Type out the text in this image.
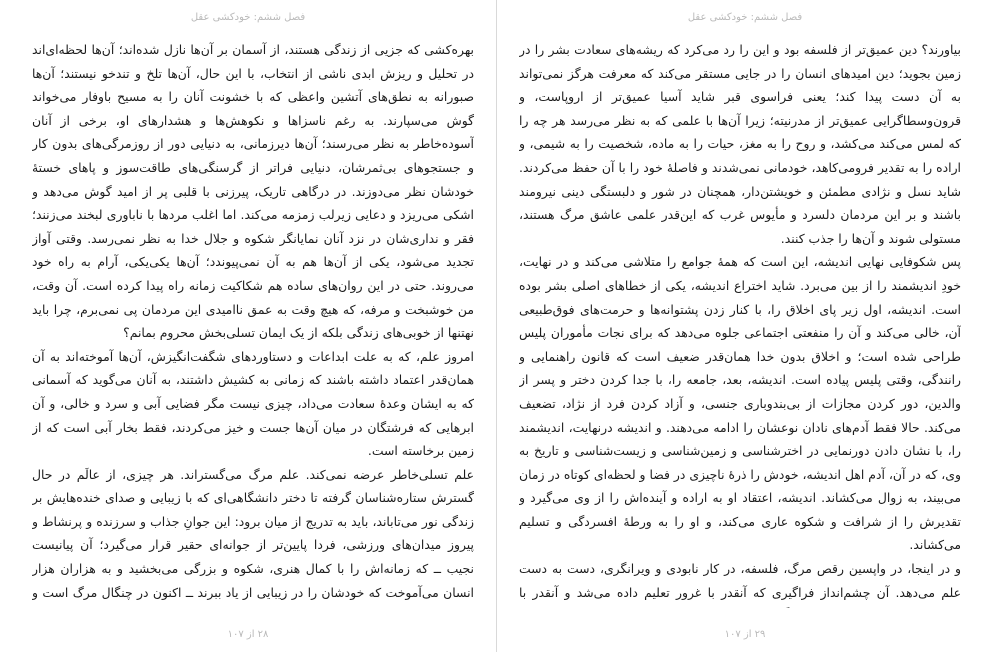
فصل ششم: خودکشی عقل

بهره‌کشی که جزیی از زندگی هستند، از آسمان بر آن‌ها نازل شده‌اند؛ آن‌ها لحظه‌ای‌اند در تحلیل و ریزش ابدی ناشی از انتخاب، با این حال، آن‌ها تلخ و تندخو نیستند؛ آن‌ها صبورانه به نطق‌های آتشین واعظی که با خشونت آنان را به مسیح باوفار می‌خواند گوش می‌سپارند. به رغم ناسزاها و نکوهش‌ها و هشدارهای او، برخی از آنان آسوده‌خاطر به نظر می‌رسند؛ آن‌ها دیرزمانی، به دنیایی دور از روزمرگی‌های بدون کار و جستجوهای بی‌ثمرشان، دنیایی فراتر از گرسنگی‌های طاقت‌سوز و پاهای خستهٔ خودشان نظر می‌دوزند. در درگاهی تاریک، پیرزنی با قلبی پر از امید گوش می‌دهد و اشکی می‌ریزد و دعایی زیرلب زمزمه می‌کند. اما اغلب مردها با ناباوری لبخند می‌زنند؛ فقر و نداری‌شان در نزد آنان نمایانگر شکوه و جلال خدا به نظر نمی‌رسد. وقتی آواز تجدید می‌شود، یکی از آن‌ها هم به آن نمی‌پیوندد؛ آن‌ها یکی‌یکی، آرام به راه خود می‌روند. حتی در این روان‌های ساده هم شکاکیت زمانه راه پیدا کرده است. آن وقت، من خوشبخت و مرفه، که هیچ وقت به عمق ناامیدی این مردمان پی نمی‌برم، چرا باید نهتنها از خوبی‌های زندگی بلکه از یک ایمان تسلی‌بخش محروم بمانم؟

امروز علم، که به علت ابداعات و دستاوردهای شگفت‌انگیزش، آن‌ها آموخته‌اند به آن همان‌قدر اعتماد داشته باشند که زمانی به کشیش داشتند، به آنان می‌گوید که آسمانی که به ایشان وعدهٔ سعادت می‌داد، چیزی نیست مگر فضایی آبی و سرد و خالی، و آن ابرهایی که فرشتگان در میان آن‌ها جست و خیز می‌کردند، فقط بخار آبی است که از زمین برخاسته است.

علم تسلی‌خاطر عرضه نمی‌کند. علم مرگ می‌گستراند. هر چیزی، از عالَم در حال گسترش ستاره‌شناسان گرفته تا دختر دانشگاهی‌ای که با زیبایی و صدای خنده‌هایش بر زندگی نور می‌تاباند، باید به تدریج از میان برود: این جوانِ جذاب و سرزنده و پرنشاط و پیروز میدان‌های ورزشی، فردا پایین‌تر از جوانه‌ای حقیر قرار می‌گیرد؛ آن پیانیست نجیب ــ که زمانه‌اش را با کمال هنری، شکوه و بزرگی می‌بخشید و به هزاران هزار انسان می‌آموخت که خودشان را در زیبایی از یاد ببرند ــ اکنون در چنگال مرگ است و

۲۸ از ۱۰۷
فصل ششم: خودکشی عقل

بیاورند؟ دین عمیق‌تر از فلسفه بود و این را رد می‌کرد که ریشه‌های سعادت بشر را در زمین بجوید؛ دین امیدهای انسان را در جایی مستقر می‌کند که معرفت هرگز نمی‌تواند به آن دست پیدا کند؛ یعنی فراسوی قبر شاید آسیا عمیق‌تر از اروپاست، و قرون‌وسطاگرایی عمیق‌تر از مدرنیته؛ زیرا آن‌ها با علمی که به نظر می‌رسد هر چه را که لمس می‌کند می‌کشد، و روح را به مغز، حیات را به ماده، شخصیت را به شیمی، و اراده را به تقدیر فرومی‌کاهد، خودمانی نمی‌شدند و فاصلهٔ خود را با آن حفظ می‌کردند. شاید نسل و نژادی مطمئن و خویشتن‌دار، همچنان در شور و دلبستگی دینی نیرومند باشند و بر این مردمان دلسرد و مأیوس غرب که این‌قدر علمی عاشق مرگ هستند، مستولی شوند و آن‌ها را جذب کنند.

پس شکوفایی نهایی اندیشه، این است که همهٔ جوامع را متلاشی می‌کند و در نهایت، خودِ اندیشمند را از بین می‌برد. شاید اختراع اندیشه، یکی از خطاهای اصلی بشر بوده است. اندیشه، اول زیر پای اخلاق را، با کنار زدن پشتوانه‌ها و حرمت‌های فوق‌طبیعی آن، خالی می‌کند و آن را منفعتی اجتماعی جلوه می‌دهد که برای نجات مأموران پلیس طراحی شده است؛ و اخلاق بدون خدا همان‌قدر ضعیف است که قانون راهنمایی و رانندگی، وقتی پلیس پیاده است. اندیشه، بعد، جامعه را، با جدا کردن دختر و پسر از والدین، دور کردن مجازات از بی‌بندوباری جنسی، و آزاد کردن فرد از نژاد، تضعیف می‌کند. حالا فقط آدم‌های نادان نوعشان را ادامه می‌دهند. و اندیشه درنهایت، اندیشمند را، با نشان دادن دورنمایی در اخترشناسی و زمین‌شناسی و زیست‌شناسی و تاریخ به وی، که در آن، آدم اهل اندیشه، خودش را ذرهٔ ناچیزی در فضا و لحظه‌ای کوتاه در زمان می‌بیند، به زوال می‌کشاند. اندیشه، اعتقاد او به اراده و آینده‌اش را از وی می‌گیرد و تقدیرش را از شرافت و شکوه عاری می‌کند، و او را به ورطهٔ افسردگی و تسلیم می‌کشاند.

و در اینجا، در واپسین رقص مرگ، فلسفه، در کار نابودی و ویرانگری، دست به دست علم می‌دهد. آن چشم‌انداز فراگیری که آنقدر با غرور تعلیم داده می‌شد و آنقدر با

۲۹ از ۱۰۷
